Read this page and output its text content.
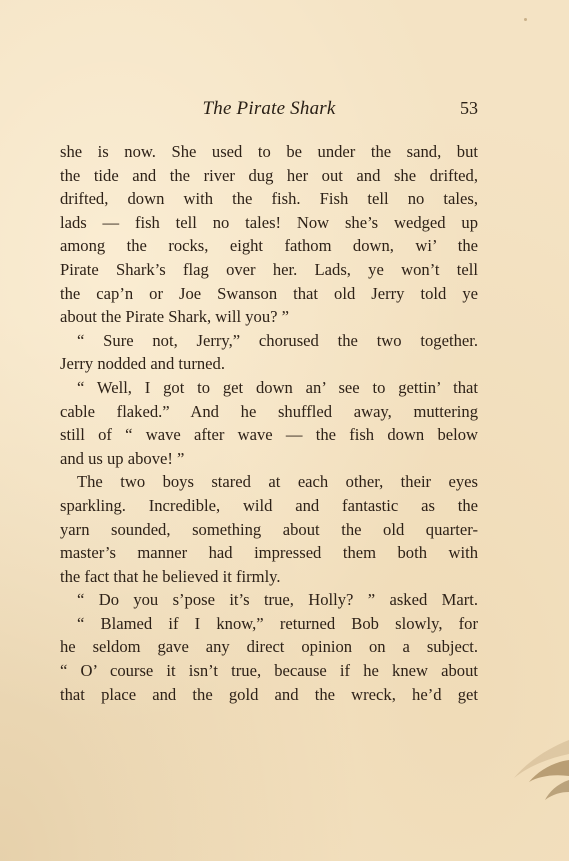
The Pirate Shark	53
she is now. She used to be under the sand, but
the tide and the river dug her out and she drifted,
drifted, down with the fish. Fish tell no tales,
lads — fish tell no tales! Now she’s wedged up
among the rocks, eight fathom down, wi’ the
Pirate Shark’s flag over her. Lads, ye won’t tell
the cap’n or Joe Swanson that old Jerry told ye
about the Pirate Shark, will you? ”
“ Sure not, Jerry,” chorused the two together.
Jerry nodded and turned.
“ Well, I got to get down an’ see to gettin’ that
cable flaked.” And he shuffled away, muttering
still of “ wave after wave — the fish down below
and us up above! ”
The two boys stared at each other, their eyes
sparkling. Incredible, wild and fantastic as the
yarn sounded, something about the old quarter-
master’s manner had impressed them both with
the fact that he believed it firmly.
“ Do you s’pose it’s true, Holly? ” asked Mart.
“ Blamed if I know,” returned Bob slowly, for
he seldom gave any direct opinion on a subject.
“ O’ course it isn’t true, because if he knew about
that place and the gold and the wreck, he’d get
